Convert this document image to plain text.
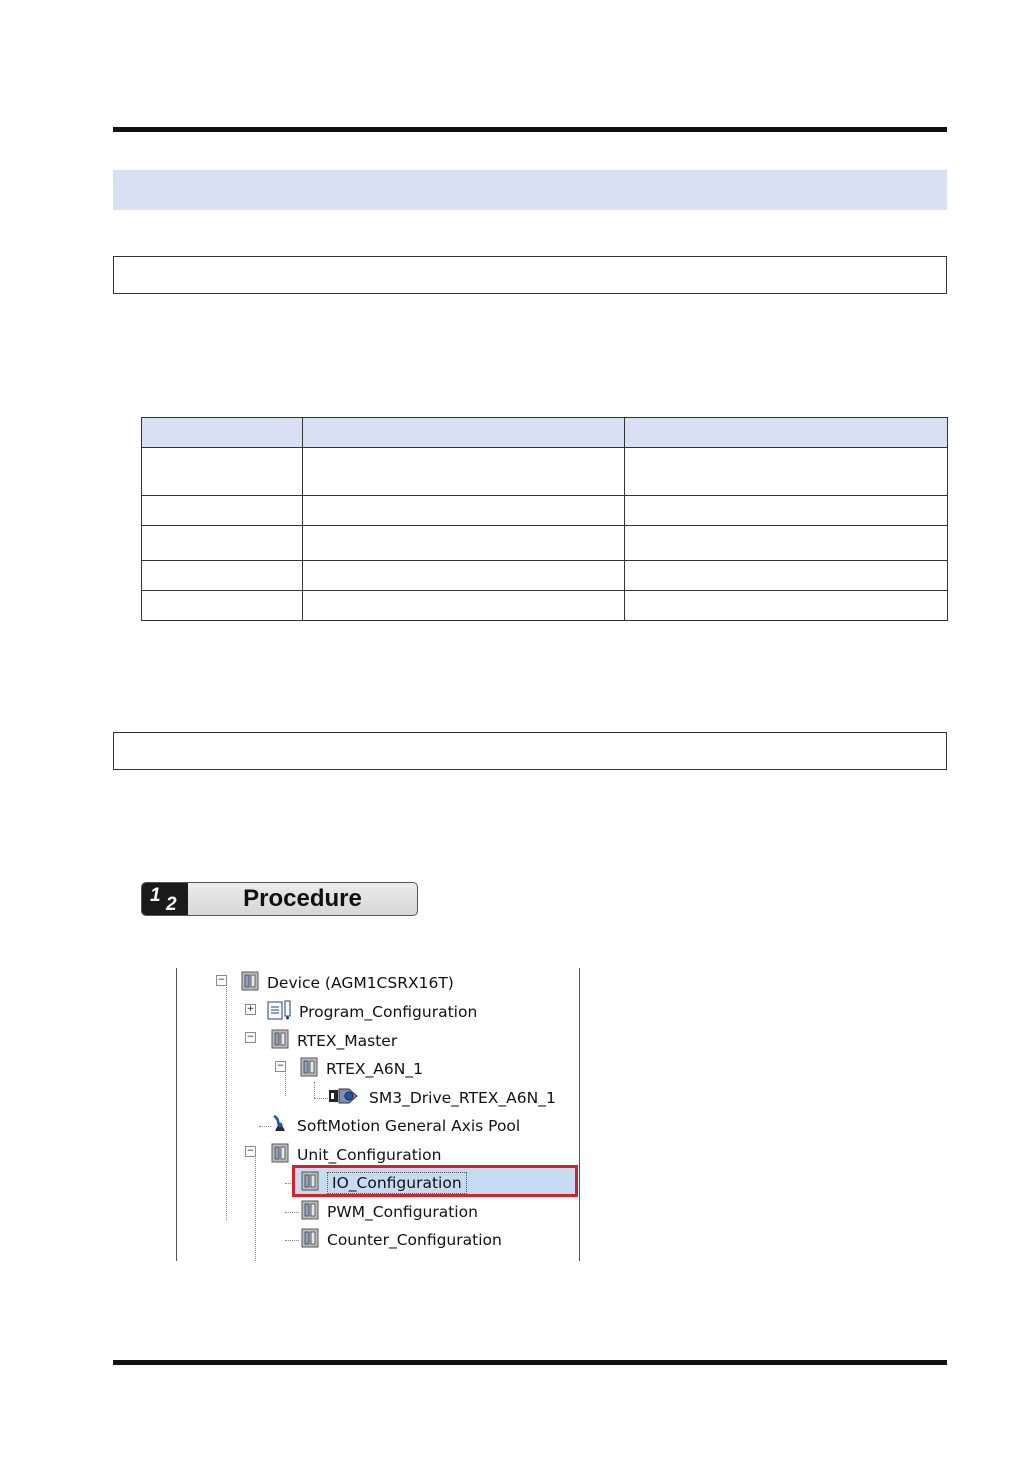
1 2	Procedure
−
+
−
−
−
Device (AGM1CSRX16T)
Program_Configuration
RTEX_Master
RTEX_A6N_1
SM3_Drive_RTEX_A6N_1
SoftMotion General Axis Pool
Unit_Configuration
IO_Configuration
PWM_Configuration
Counter_Configuration
